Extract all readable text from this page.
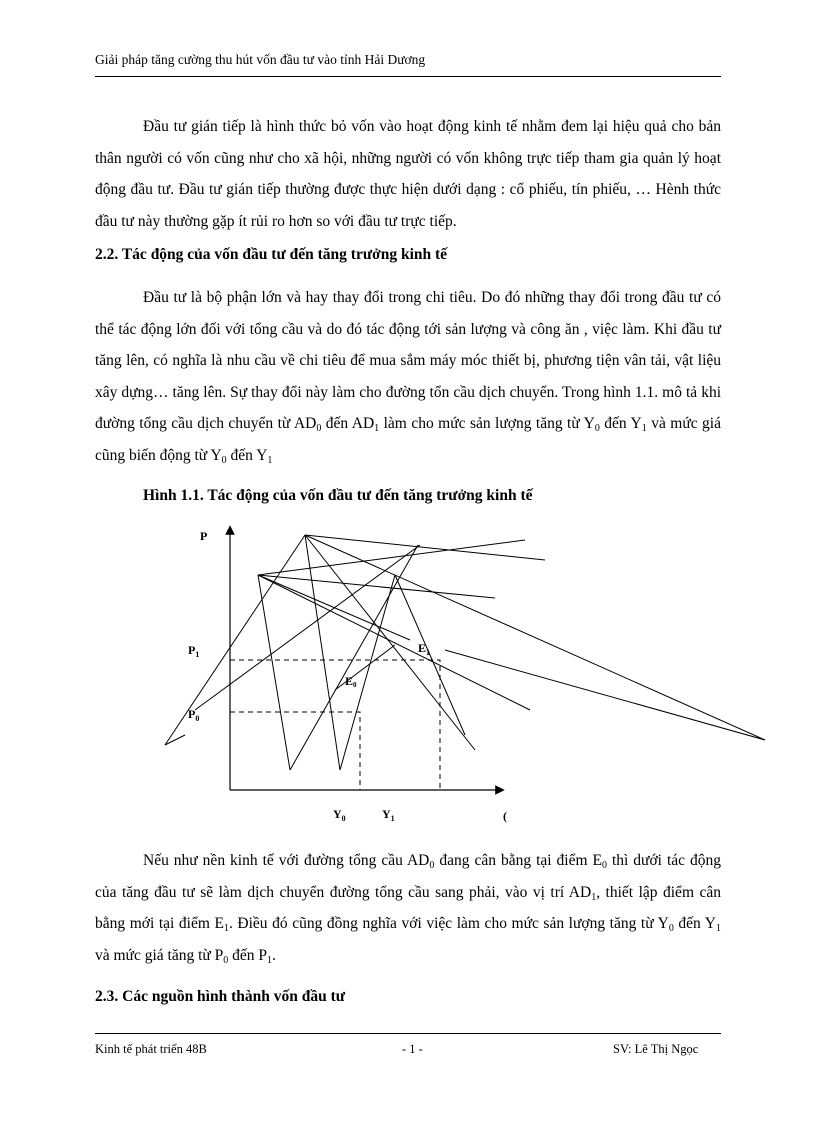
Giải pháp tăng cường thu hút vốn đầu tư vào tỉnh Hải Dương

Đầu tư gián tiếp là hình thức bỏ vốn vào hoạt động kinh tế nhằm đem lại hiệu quả cho bản thân người có vốn cũng như cho xã hội, những người có vốn không trực tiếp tham gia quản lý hoạt động đầu tư. Đầu tư gián tiếp thường được thực hiện dưới dạng : cổ phiếu, tín phiếu, … Hènh thức đầu tư này thường gặp ít rủi ro hơn so với đầu tư trực tiếp.

2.2. Tác động của vốn đầu tư đến tăng trưởng kinh tế

Đầu tư là bộ phận lớn và hay thay đổi trong chi tiêu. Do đó những thay đổi trong đầu tư có thể tác động lớn đối với tổng cầu và do đó tác động tới sản lượng và công ăn , việc làm. Khi đầu tư tăng lên, có nghĩa là nhu cầu về chi tiêu để mua sắm máy móc thiết bị, phương tiện vân tải, vật liệu xây dựng… tăng lên. Sự thay đổi này làm cho đường tổn cầu dịch chuyển. Trong hình 1.1. mô tả khi đường tổng cầu dịch chuyển từ $AD_0$ đến $AD_1$ làm cho mức sản lượng tăng từ $Y_0$ đến $Y_1$ và mức giá cũng biến động từ $Y_0$ đến $Y_1$

Hình 1.1. Tác động của vốn đầu tư đến tăng trưởng kinh tế
P
(
$P_1$
$P_0$
$E_1$
E0
$Y_0$	$Y_1$

Nếu như nền kinh tế với đường tổng cầu $AD_0$ đang cân bằng tại điểm $E_0$ thì dưới tác động của tăng đầu tư sẽ làm dịch chuyển đường tổng cầu sang phải, vào vị trí $AD_1$, thiết lập điểm cân bằng mới tại điểm $E_1$. Điều đó cũng đồng nghĩa với việc làm cho mức sản lượng tăng từ $Y_0$ đến $Y_1$ và mức giá tăng từ $P_0$ đến $P_1$.

2.3. Các nguồn hình thành vốn đầu tư

Kinh tế phát triển 48B	- 1 -	SV: Lê Thị Ngọc
